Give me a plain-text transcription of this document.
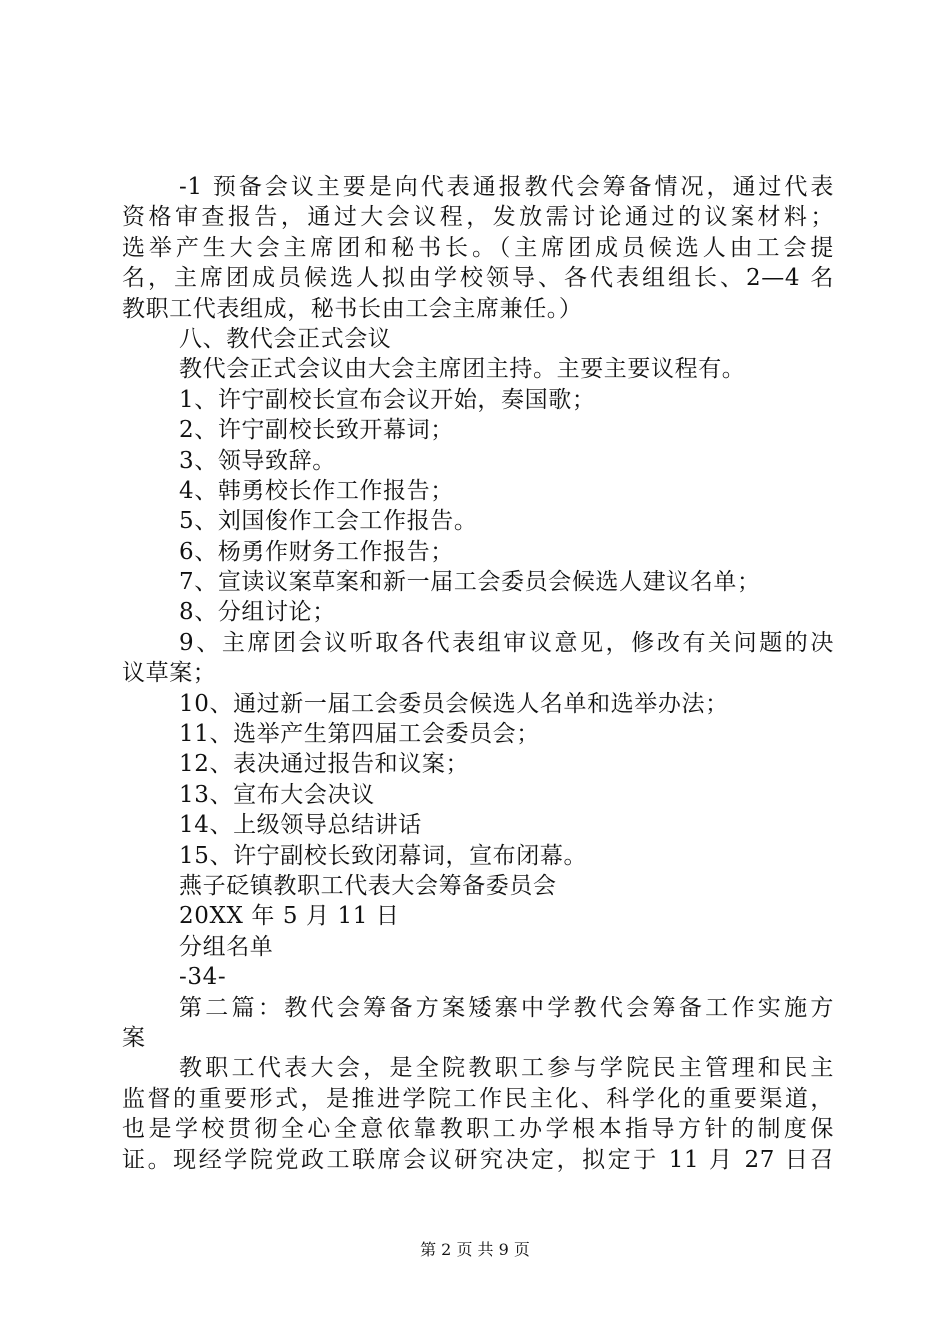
-1 预备会议主要是向代表通报教代会筹备情况，通过代表
资格审查报告，通过大会议程，发放需讨论通过的议案材料；
选举产生大会主席团和秘书长。（主席团成员候选人由工会提
名，主席团成员候选人拟由学校领导、各代表组组长、2—4 名
教职工代表组成，秘书长由工会主席兼任。）
八、教代会正式会议
教代会正式会议由大会主席团主持。主要主要议程有。
1、许宁副校长宣布会议开始，奏国歌；
2、许宁副校长致开幕词；
3、领导致辞。
4、韩勇校长作工作报告；
5、刘国俊作工会工作报告。
6、杨勇作财务工作报告；
7、宣读议案草案和新一届工会委员会候选人建议名单；
8、分组讨论；
9、主席团会议听取各代表组审议意见，修改有关问题的决
议草案；
10、通过新一届工会委员会候选人名单和选举办法；
11、选举产生第四届工会委员会；
12、表决通过报告和议案；
13、宣布大会决议
14、上级领导总结讲话
15、许宁副校长致闭幕词，宣布闭幕。
燕子砭镇教职工代表大会筹备委员会
20XX 年 5 月 11 日
分组名单
-34-
第二篇：教代会筹备方案矮寨中学教代会筹备工作实施方
案
教职工代表大会，是全院教职工参与学院民主管理和民主
监督的重要形式，是推进学院工作民主化、科学化的重要渠道，
也是学校贯彻全心全意依靠教职工办学根本指导方针的制度保
证。现经学院党政工联席会议研究决定，拟定于 11 月 27 日召
第 2 页 共 9 页
